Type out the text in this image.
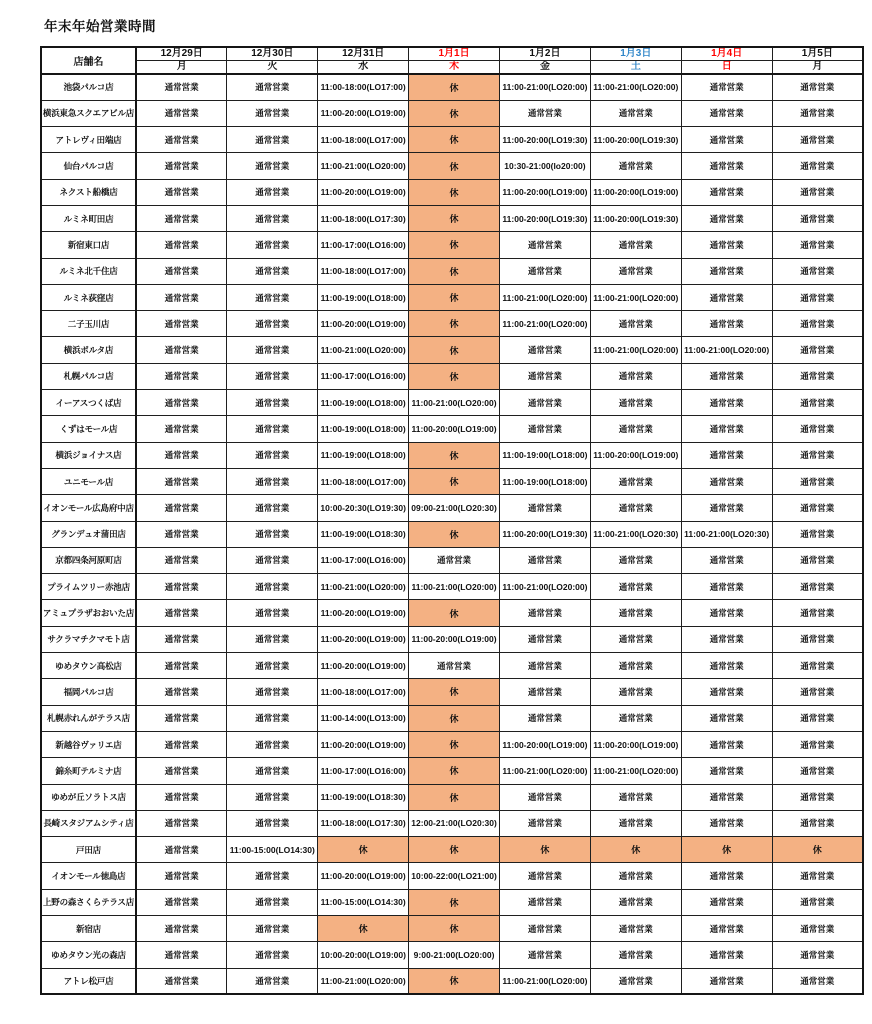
年末年始営業時間
店舗名	12月29日	12月30日	12月31日	1月1日	1月2日	1月3日	1月4日	1月5日
	月	火	水	木	金	土	日	月
池袋パルコ店	通常営業	通常営業	11:00-18:00(LO17:00)	休	11:00-21:00(LO20:00)	11:00-21:00(LO20:00)	通常営業	通常営業
横浜東急スクエアビル店	通常営業	通常営業	11:00-20:00(LO19:00)	休	通常営業	通常営業	通常営業	通常営業
アトレヴィ田端店	通常営業	通常営業	11:00-18:00(LO17:00)	休	11:00-20:00(LO19:30)	11:00-20:00(LO19:30)	通常営業	通常営業
仙台パルコ店	通常営業	通常営業	11:00-21:00(LO20:00)	休	10:30-21:00(lo20:00)	通常営業	通常営業	通常営業
ネクスト船橋店	通常営業	通常営業	11:00-20:00(LO19:00)	休	11:00-20:00(LO19:00)	11:00-20:00(LO19:00)	通常営業	通常営業
ルミネ町田店	通常営業	通常営業	11:00-18:00(LO17:30)	休	11:00-20:00(LO19:30)	11:00-20:00(LO19:30)	通常営業	通常営業
新宿東口店	通常営業	通常営業	11:00-17:00(LO16:00)	休	通常営業	通常営業	通常営業	通常営業
ルミネ北千住店	通常営業	通常営業	11:00-18:00(LO17:00)	休	通常営業	通常営業	通常営業	通常営業
ルミネ荻窪店	通常営業	通常営業	11:00-19:00(LO18:00)	休	11:00-21:00(LO20:00)	11:00-21:00(LO20:00)	通常営業	通常営業
二子玉川店	通常営業	通常営業	11:00-20:00(LO19:00)	休	11:00-21:00(LO20:00)	通常営業	通常営業	通常営業
横浜ポルタ店	通常営業	通常営業	11:00-21:00(LO20:00)	休	通常営業	11:00-21:00(LO20:00)	11:00-21:00(LO20:00)	通常営業
札幌パルコ店	通常営業	通常営業	11:00-17:00(LO16:00)	休	通常営業	通常営業	通常営業	通常営業
イーアスつくば店	通常営業	通常営業	11:00-19:00(LO18:00)	11:00-21:00(LO20:00)	通常営業	通常営業	通常営業	通常営業
くずはモール店	通常営業	通常営業	11:00-19:00(LO18:00)	11:00-20:00(LO19:00)	通常営業	通常営業	通常営業	通常営業
横浜ジョイナス店	通常営業	通常営業	11:00-19:00(LO18:00)	休	11:00-19:00(LO18:00)	11:00-20:00(LO19:00)	通常営業	通常営業
ユニモール店	通常営業	通常営業	11:00-18:00(LO17:00)	休	11:00-19:00(LO18:00)	通常営業	通常営業	通常営業
イオンモール広島府中店	通常営業	通常営業	10:00-20:30(LO19:30)	09:00-21:00(LO20:30)	通常営業	通常営業	通常営業	通常営業
グランデュオ蒲田店	通常営業	通常営業	11:00-19:00(LO18:30)	休	11:00-20:00(LO19:30)	11:00-21:00(LO20:30)	11:00-21:00(LO20:30)	通常営業
京都四条河原町店	通常営業	通常営業	11:00-17:00(LO16:00)	通常営業	通常営業	通常営業	通常営業	通常営業
プライムツリー赤池店	通常営業	通常営業	11:00-21:00(LO20:00)	11:00-21:00(LO20:00)	11:00-21:00(LO20:00)	通常営業	通常営業	通常営業
アミュプラザおおいた店	通常営業	通常営業	11:00-20:00(LO19:00)	休	通常営業	通常営業	通常営業	通常営業
サクラマチクマモト店	通常営業	通常営業	11:00-20:00(LO19:00)	11:00-20:00(LO19:00)	通常営業	通常営業	通常営業	通常営業
ゆめタウン高松店	通常営業	通常営業	11:00-20:00(LO19:00)	通常営業	通常営業	通常営業	通常営業	通常営業
福岡パルコ店	通常営業	通常営業	11:00-18:00(LO17:00)	休	通常営業	通常営業	通常営業	通常営業
札幌赤れんがテラス店	通常営業	通常営業	11:00-14:00(LO13:00)	休	通常営業	通常営業	通常営業	通常営業
新越谷ヴァリエ店	通常営業	通常営業	11:00-20:00(LO19:00)	休	11:00-20:00(LO19:00)	11:00-20:00(LO19:00)	通常営業	通常営業
錦糸町テルミナ店	通常営業	通常営業	11:00-17:00(LO16:00)	休	11:00-21:00(LO20:00)	11:00-21:00(LO20:00)	通常営業	通常営業
ゆめが丘ソラトス店	通常営業	通常営業	11:00-19:00(LO18:30)	休	通常営業	通常営業	通常営業	通常営業
長崎スタジアムシティ店	通常営業	通常営業	11:00-18:00(LO17:30)	12:00-21:00(LO20:30)	通常営業	通常営業	通常営業	通常営業
戸田店	通常営業	11:00-15:00(LO14:30)	休	休	休	休	休	休
イオンモール徳島店	通常営業	通常営業	11:00-20:00(LO19:00)	10:00-22:00(LO21:00)	通常営業	通常営業	通常営業	通常営業
上野の森さくらテラス店	通常営業	通常営業	11:00-15:00(LO14:30)	休	通常営業	通常営業	通常営業	通常営業
新宿店	通常営業	通常営業	休	休	通常営業	通常営業	通常営業	通常営業
ゆめタウン光の森店	通常営業	通常営業	10:00-20:00(LO19:00)	9:00-21:00(LO20:00)	通常営業	通常営業	通常営業	通常営業
アトレ松戸店	通常営業	通常営業	11:00-21:00(LO20:00)	休	11:00-21:00(LO20:00)	通常営業	通常営業	通常営業
